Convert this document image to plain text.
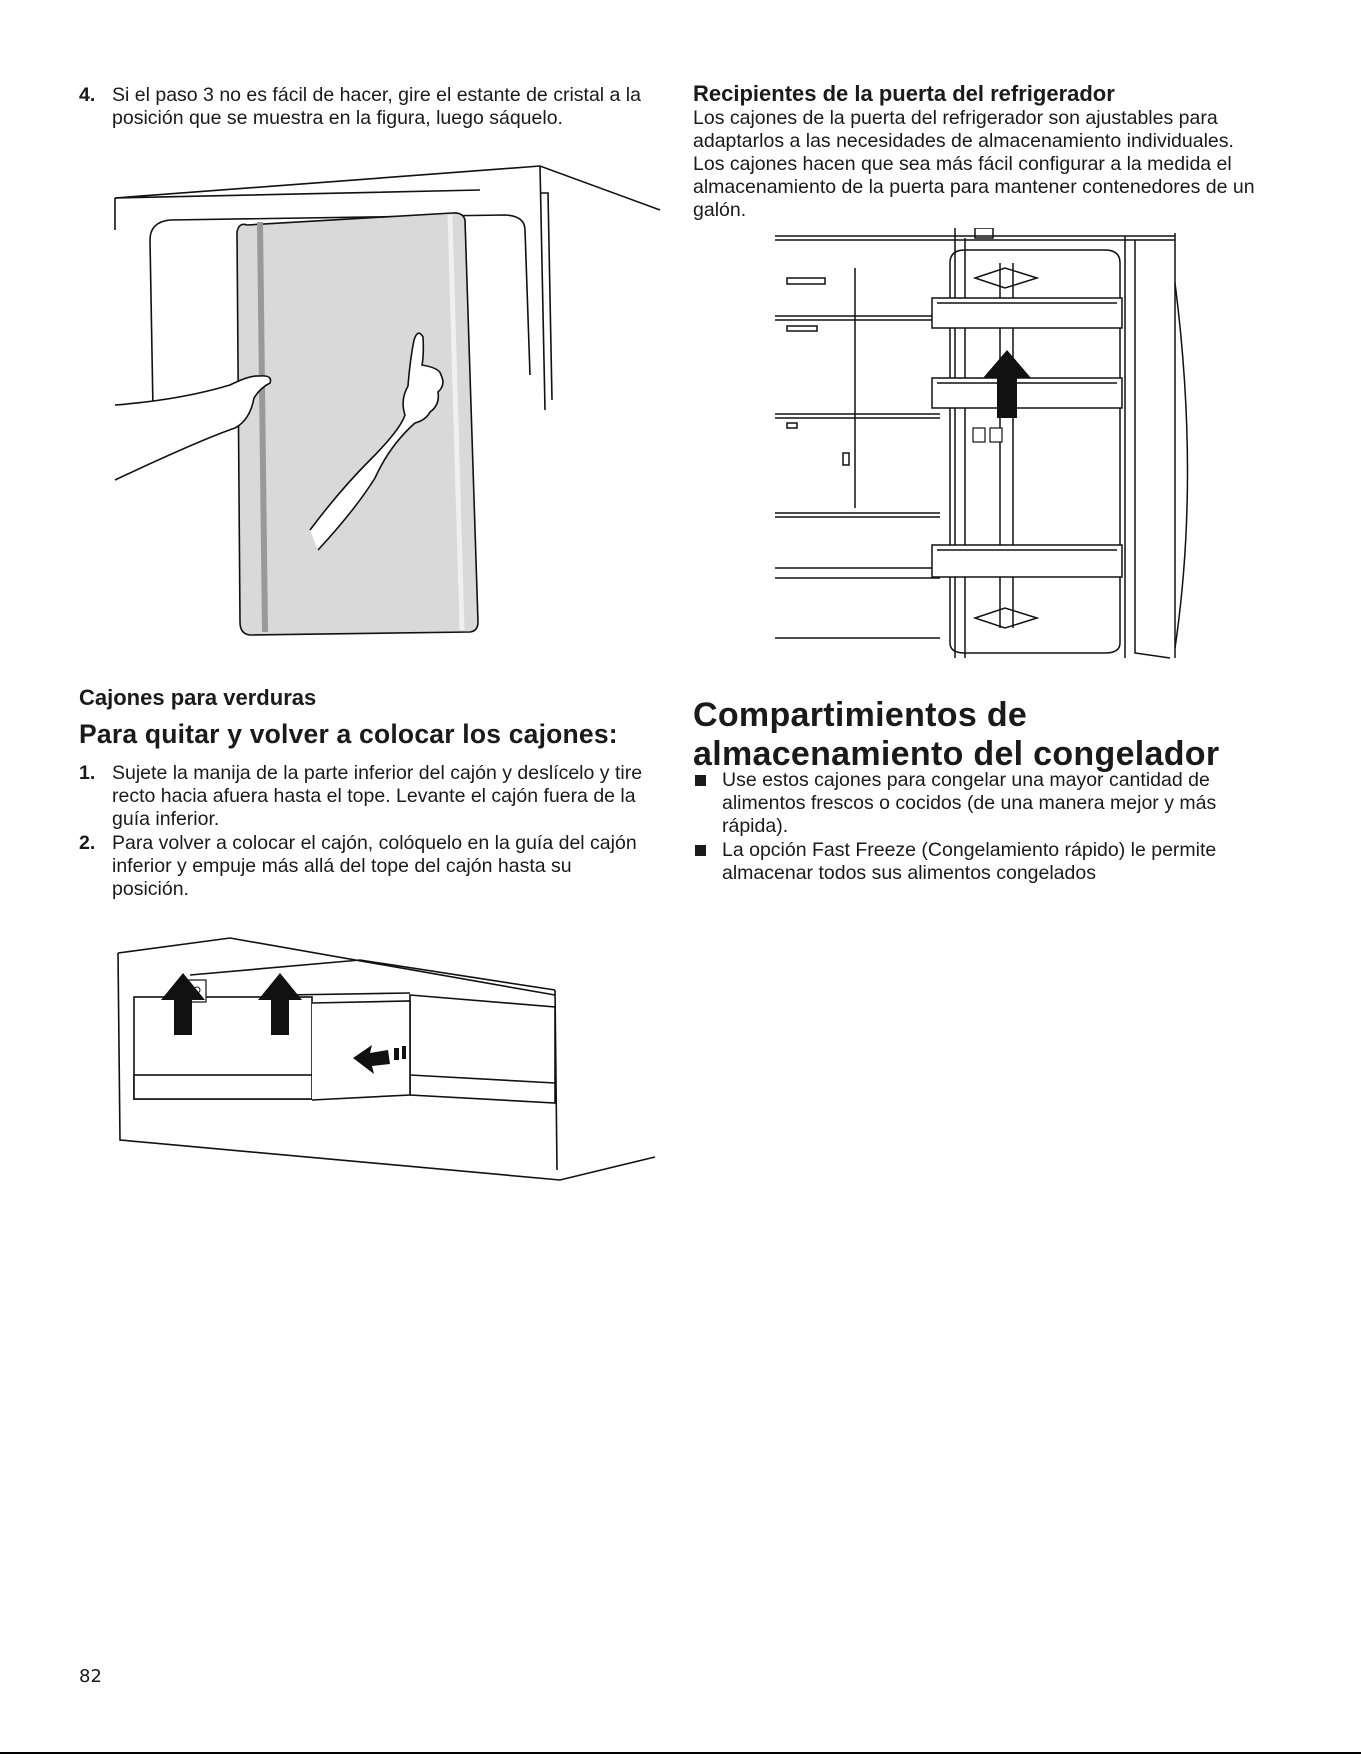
4. Si el paso 3 no es fácil de hacer, gire el estante de cristal a la
posición que se muestra en la figura, luego sáquelo.
Cajones para verduras
Para quitar y volver a colocar los cajones:
1. Sujete la manija de la parte inferior del cajón y deslícelo y tire
recto hacia afuera hasta el tope. Levante el cajón fuera de la
guía inferior.
2. Para volver a colocar el cajón, colóquelo en la guía del cajón
inferior y empuje más allá del tope del cajón hasta su
posición.
Recipientes de la puerta del refrigerador
Los cajones de la puerta del refrigerador son ajustables para
adaptarlos a las necesidades de almacenamiento individuales.
Los cajones hacen que sea más fácil configurar a la medida el
almacenamiento de la puerta para mantener contenedores de un
galón.
Compartimientos de
almacenamiento del congelador
Use estos cajones para congelar una mayor cantidad de
alimentos frescos o cocidos (de una manera mejor y más
rápida).
La opción Fast Freeze (Congelamiento rápido) le permite
almacenar todos sus alimentos congelados
82
